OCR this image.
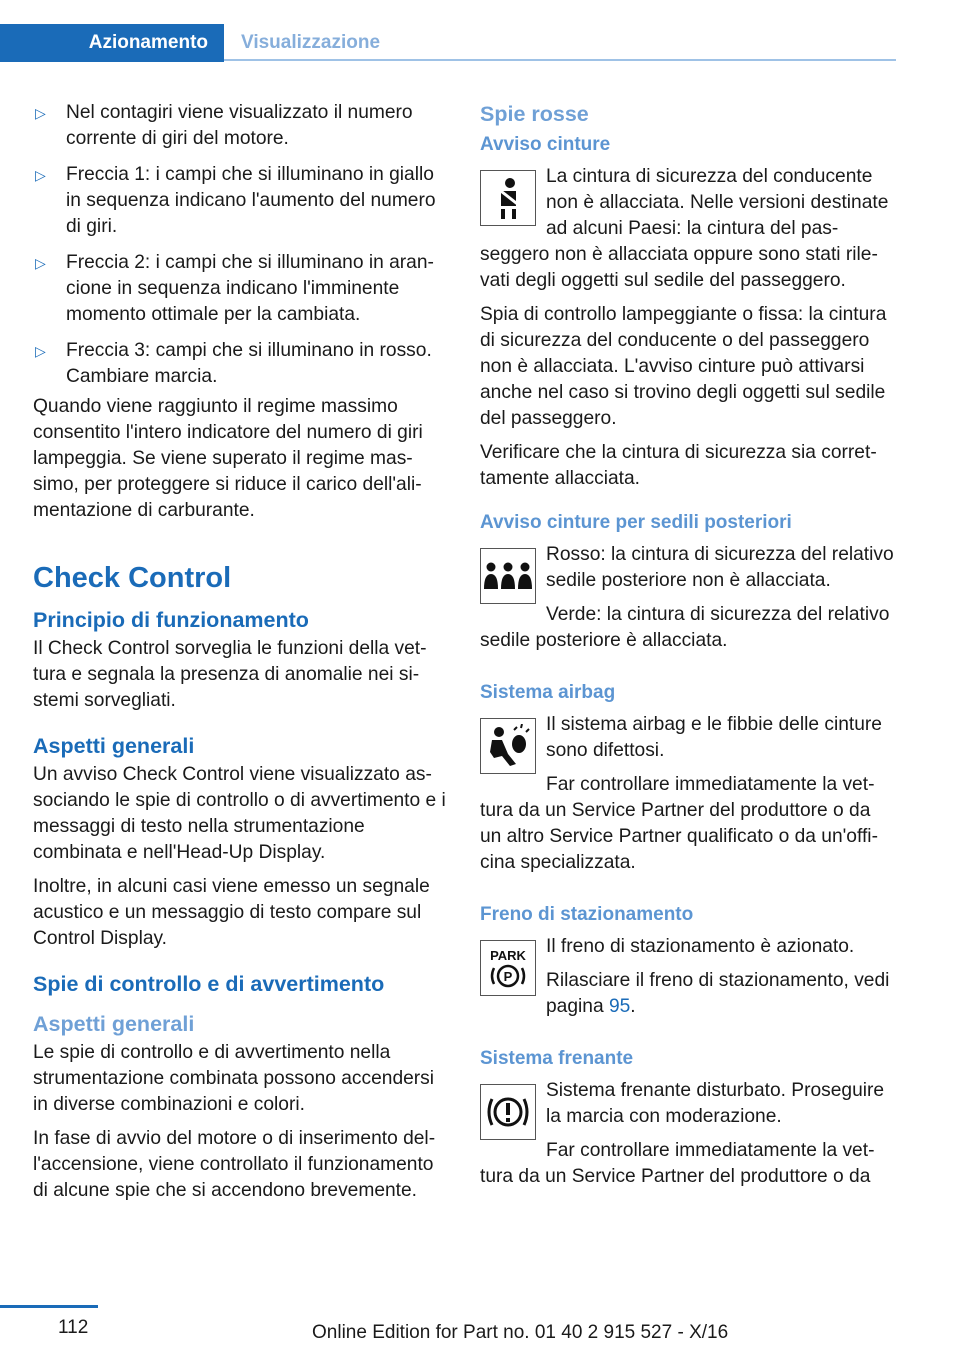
Azionamento	Visualizzazione
▷	Nel contagiri viene visualizzato il numero corrente di giri del motore.
▷	Freccia 1: i campi che si illuminano in giallo in sequenza indicano l'aumento del numero di giri.
▷	Freccia 2: i campi che si illuminano in arancione in sequenza indicano l'imminente momento ottimale per la cambiata.
▷	Freccia 3: campi che si illuminano in rosso. Cambiare marcia.

Quando viene raggiunto il regime massimo consentito l'intero indicatore del numero di giri lampeggia. Se viene superato il regime massimo, per proteggere si riduce il carico dell'alimentazione di carburante.

Check Control
Principio di funzionamento

Il Check Control sorveglia le funzioni della vettura e segnala la presenza di anomalie nei sistemi sorvegliati.

Aspetti generali

Un avviso Check Control viene visualizzato associando le spie di controllo o di avvertimento e i messaggi di testo nella strumentazione combinata e nell'Head-Up Display.

Inoltre, in alcuni casi viene emesso un segnale acustico e un messaggio di testo compare sul Control Display.

Spie di controllo e di avvertimento
Aspetti generali

Le spie di controllo e di avvertimento nella strumentazione combinata possono accendersi in diverse combinazioni e colori.

In fase di avvio del motore o di inserimento dell'accensione, viene controllato il funzionamento di alcune spie che si accendono brevemente.

Spie rosse
Avviso cinture

La cintura di sicurezza del conducente non è allacciata. Nelle versioni destinate ad alcuni Paesi: la cintura del passeggero non è allacciata oppure sono stati rilevati degli oggetti sul sedile del passeggero.

Spia di controllo lampeggiante o fissa: la cintura di sicurezza del conducente o del passeggero non è allacciata. L'avviso cinture può attivarsi anche nel caso si trovino degli oggetti sul sedile del passeggero.

Verificare che la cintura di sicurezza sia correttamente allacciata.

Avviso cinture per sedili posteriori

Rosso: la cintura di sicurezza del relativo sedile posteriore non è allacciata.

Verde: la cintura di sicurezza del relativo sedile posteriore è allacciata.

Sistema airbag

Il sistema airbag e le fibbie delle cinture sono difettosi.

Far controllare immediatamente la vettura da un Service Partner del produttore o da un altro Service Partner qualificato o da un'officina specializzata.

Freno di stazionamento
PARK
P

Il freno di stazionamento è azionato.

Rilasciare il freno di stazionamento, vedi pagina 95.

Sistema frenante

Sistema frenante disturbato. Proseguire la marcia con moderazione.

Far controllare immediatamente la vettura da un Service Partner del produttore o da

112	Online Edition for Part no. 01 40 2 915 527 - X/16
